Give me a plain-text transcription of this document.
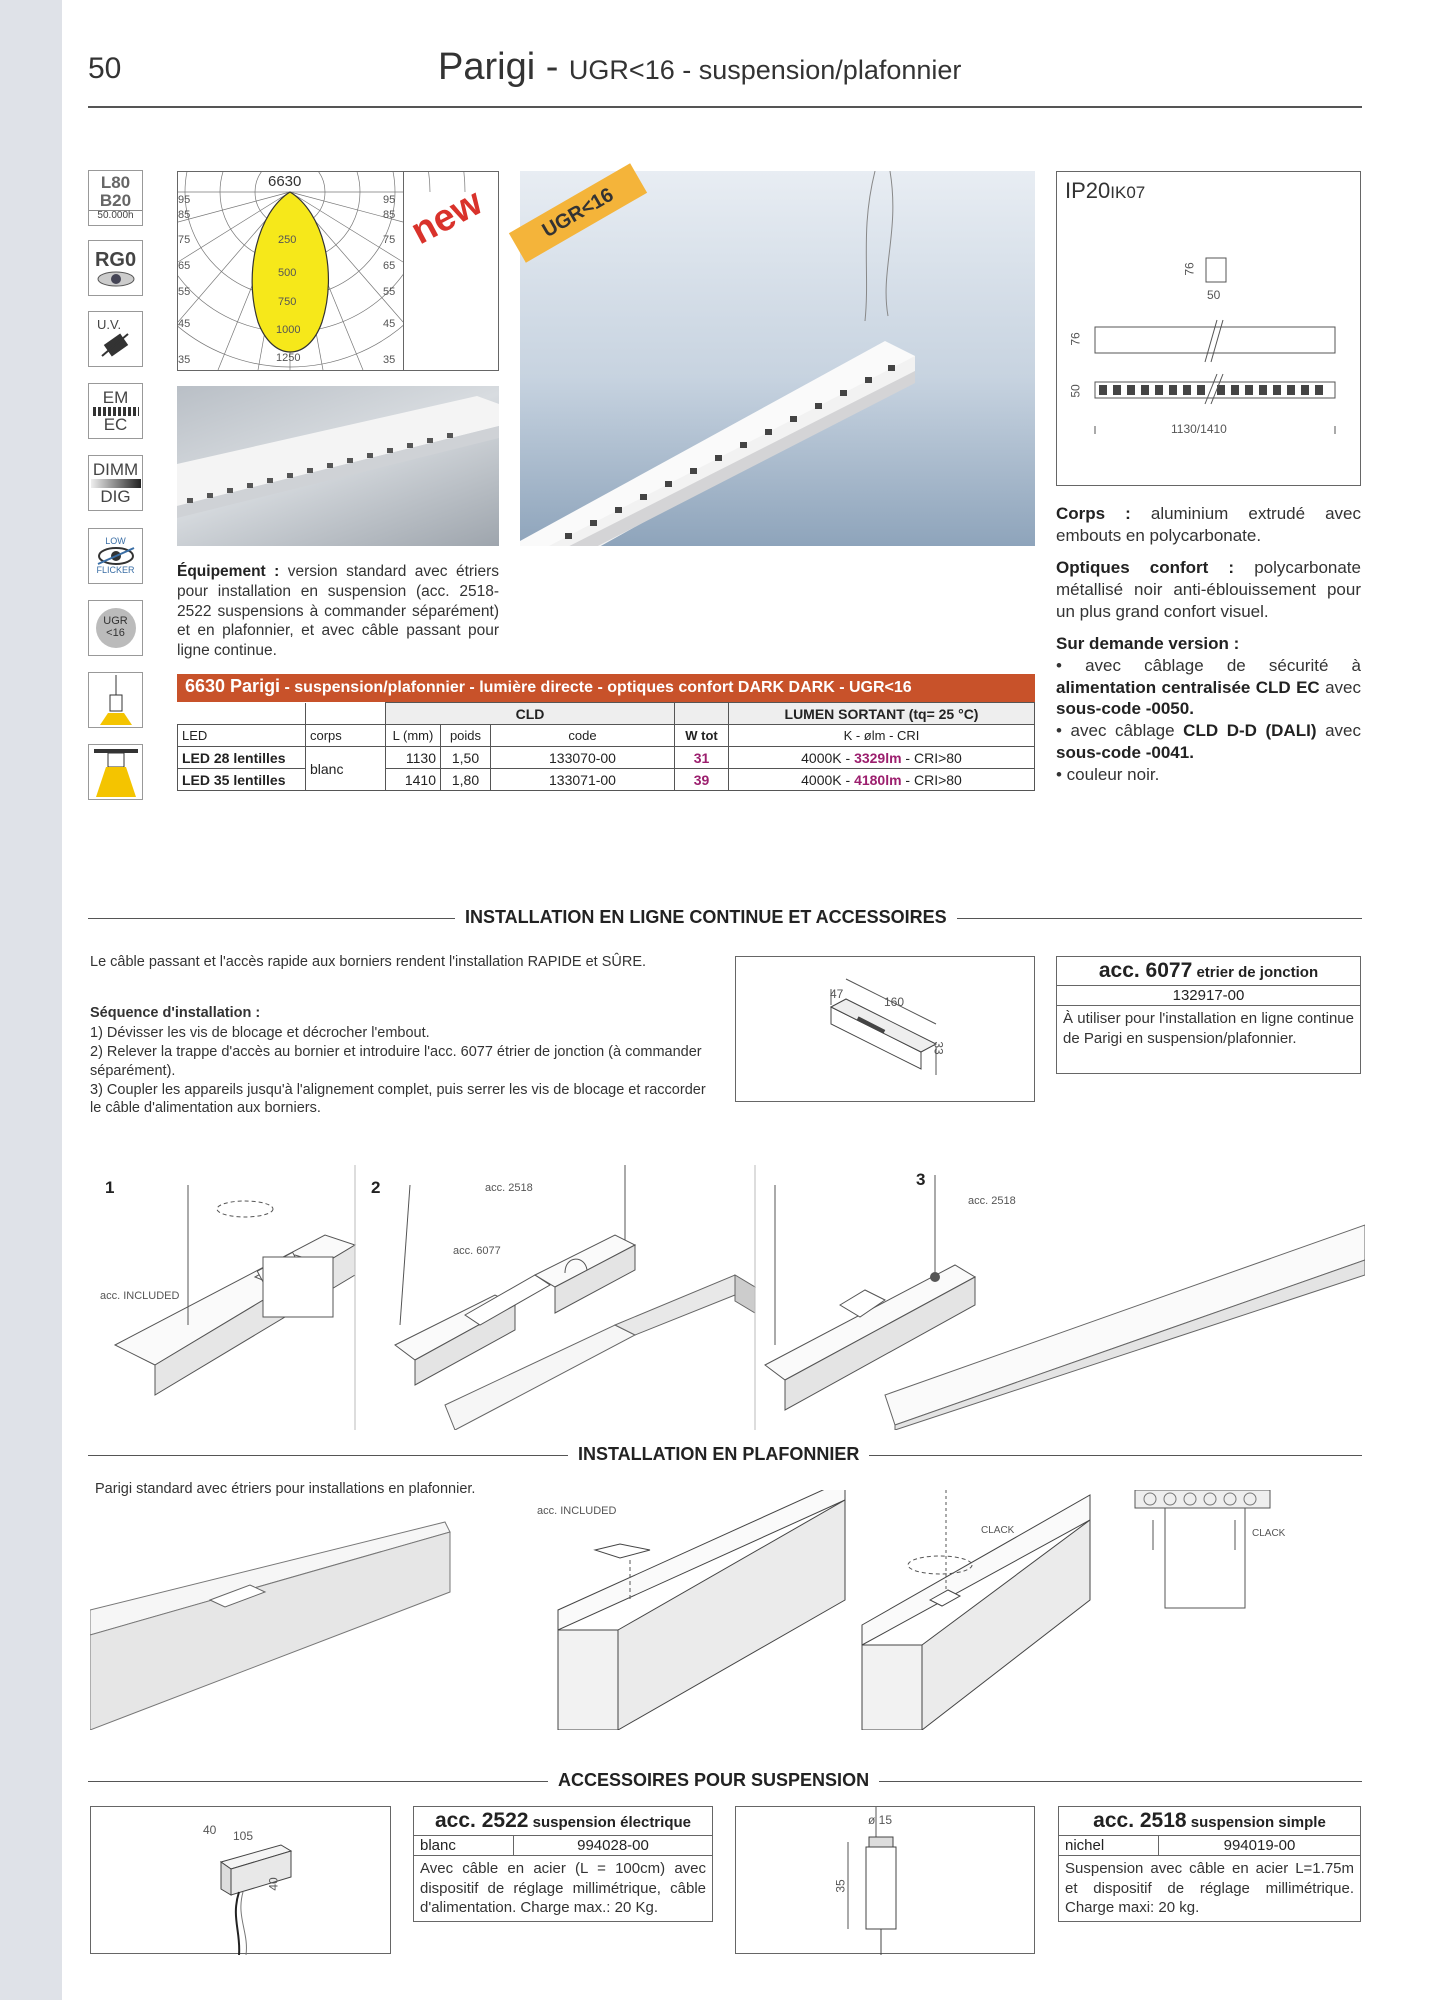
50	Parigi - UGR<16 - suspension/plafonnier
L80
B20
50.000h
RG0
U.V.
EM
EC
DIMM
DIG
LOW
FLICKER
UGR
<16
6630
95
85
75
65
55
45
35
95
85
75
65
55
45
35
250
500
750
1000
1250
new	UGR<16	IP20IK07
76
50
76
50
1130/1410
Équipement : version standard avec étriers pour installation en suspension (acc. 2518-2522 suspensions à commander séparément) et en plafonnier, et avec câble passant pour ligne continue.
Corps : aluminium extrudé avec embouts en polycarbonate.
Optiques confort : polycarbonate métallisé noir anti-éblouissement pour un plus grand confort visuel.
Sur demande version :
• avec câblage de sécurité à alimentation centralisée CLD EC avec sous-code -0050.
• avec câblage CLD D-D (DALI) avec sous-code -0041.
• couleur noir.
6630 Parigi - suspension/plafonnier - lumière directe - optiques confort DARK DARK - UGR<16
		CLD				LUMEN SORTANT (tq= 25 °C)
LED	corps	L (mm)	poids	code	W tot	K - ølm - CRI
LED 28 lentilles	blanc	1130	1,50	133070-00	31	4000K - 3329lm - CRI>80
LED 35 lentilles		1410	1,80	133071-00	39	4000K - 4180lm - CRI>80
INSTALLATION EN LIGNE CONTINUE ET ACCESSOIRES
Le câble passant et l'accès rapide aux borniers rendent l'installation RAPIDE et SÛRE.
Séquence d'installation :
1) Dévisser les vis de blocage et décrocher l'embout.
2) Relever la trappe d'accès au bornier et introduire l'acc. 6077 étrier de jonction (à commander séparément).
3) Coupler les appareils jusqu'à l'alignement complet, puis serrer les vis de blocage et raccorder le câble d'alimentation aux borniers.
47
160
33
acc. 6077 etrier de jonction
132917-00
À utiliser pour l'installation en ligne continue de Parigi en suspension/plafonnier.
1	2	3
acc. INCLUDED
acc. 2518
acc. 6077
acc. 2518
INSTALLATION EN PLAFONNIER
Parigi standard avec étriers pour installations en plafonnier.
acc. INCLUDED
CLACK	CLACK
ACCESSOIRES POUR SUSPENSION
40 105
40
acc. 2522 suspension électrique
blanc	994028-00
Avec câble en acier (L = 100cm) avec dispositif de réglage millimétrique, câble d'alimentation. Charge max.: 20 Kg.
ø 15
35
acc. 2518 suspension simple
nichel	994019-00
Suspension avec câble en acier L=1.75m et dispositif de réglage millimétrique. Charge maxi: 20 kg.
